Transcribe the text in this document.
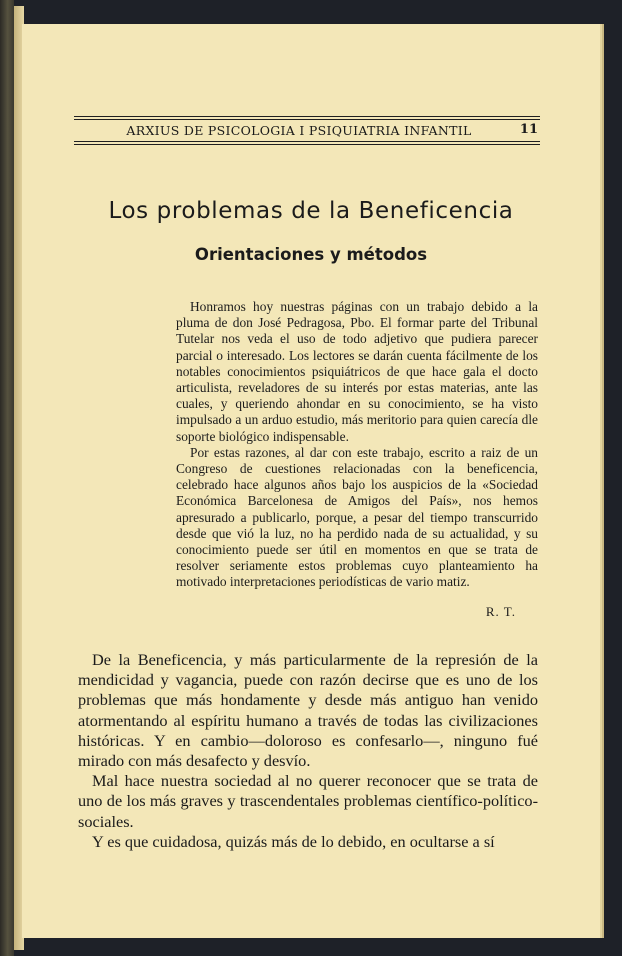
ARXIUS DE PSICOLOGIA I PSIQUIATRIA INFANTIL	11
Los problemas de la Beneficencia
Orientaciones y métodos

Honramos hoy nuestras páginas con un trabajo debido a la pluma de don José Pedragosa, Pbo. El formar parte del Tribunal Tutelar nos veda el uso de todo adjetivo que pudiera parecer parcial o interesado. Los lectores se darán cuenta fácilmente de los notables conocimientos psiquiátricos de que hace gala el docto articulista, reveladores de su interés por estas materias, ante las cuales, y queriendo ahondar en su conocimiento, se ha visto impulsado a un arduo estudio, más meritorio para quien carecía dle soporte biológico indispensable.

Por estas razones, al dar con este trabajo, escrito a raiz de un Congreso de cuestiones relacionadas con la beneficencia, celebrado hace algunos años bajo los auspicios de la «Sociedad Económica Barcelonesa de Amigos del País», nos hemos apresurado a publicarlo, porque, a pesar del tiempo transcurrido desde que vió la luz, no ha perdido nada de su actualidad, y su conocimiento puede ser útil en momentos en que se trata de resolver seriamente estos problemas cuyo planteamiento ha motivado interpretaciones periodísticas de vario matiz.

R. T.

De la Beneficencia, y más particularmente de la represión de la mendicidad y vagancia, puede con razón decirse que es uno de los problemas que más hondamente y desde más antiguo han venido atormentando al espíritu humano a través de todas las civilizaciones históricas. Y en cambio—doloroso es confesarlo—, ninguno fué mirado con más desafecto y desvío.

Mal hace nuestra sociedad al no querer reconocer que se trata de uno de los más graves y trascendentales problemas científico-político-sociales.

Y es que cuidadosa, quizás más de lo debido, en ocultarse a sí
